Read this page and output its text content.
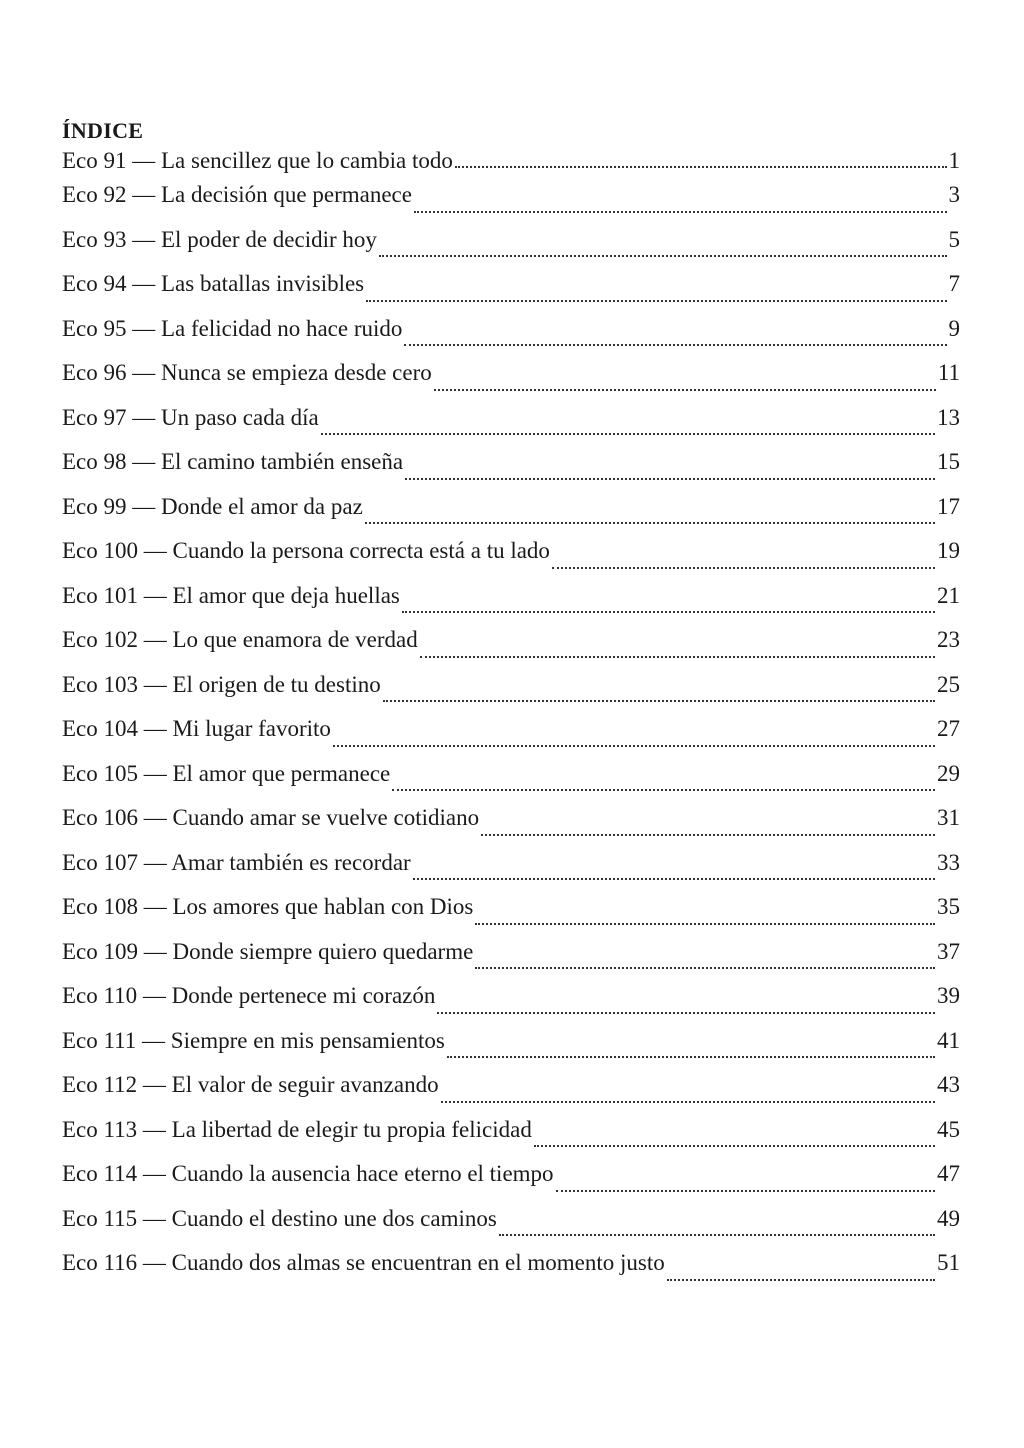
ÍNDICE
Eco 91 — La sencillez que lo cambia todo	1
Eco 92 — La decisión que permanece	3
Eco 93 — El poder de decidir hoy	5
Eco 94 — Las batallas invisibles	7
Eco 95 — La felicidad no hace ruido	9
Eco 96 — Nunca se empieza desde cero	11
Eco 97 — Un paso cada día	13
Eco 98 — El camino también enseña	15
Eco 99 — Donde el amor da paz	17
Eco 100 — Cuando la persona correcta está a tu lado	19
Eco 101 — El amor que deja huellas	21
Eco 102 — Lo que enamora de verdad	23
Eco 103 — El origen de tu destino	25
Eco 104 — Mi lugar favorito	27
Eco 105 — El amor que permanece	29
Eco 106 — Cuando amar se vuelve cotidiano	31
Eco 107 — Amar también es recordar	33
Eco 108 — Los amores que hablan con Dios	35
Eco 109 — Donde siempre quiero quedarme	37
Eco 110 — Donde pertenece mi corazón	39
Eco 111 — Siempre en mis pensamientos	41
Eco 112 — El valor de seguir avanzando	43
Eco 113 — La libertad de elegir tu propia felicidad	45
Eco 114 — Cuando la ausencia hace eterno el tiempo	47
Eco 115 — Cuando el destino une dos caminos	49
Eco 116 — Cuando dos almas se encuentran en el momento justo	51
